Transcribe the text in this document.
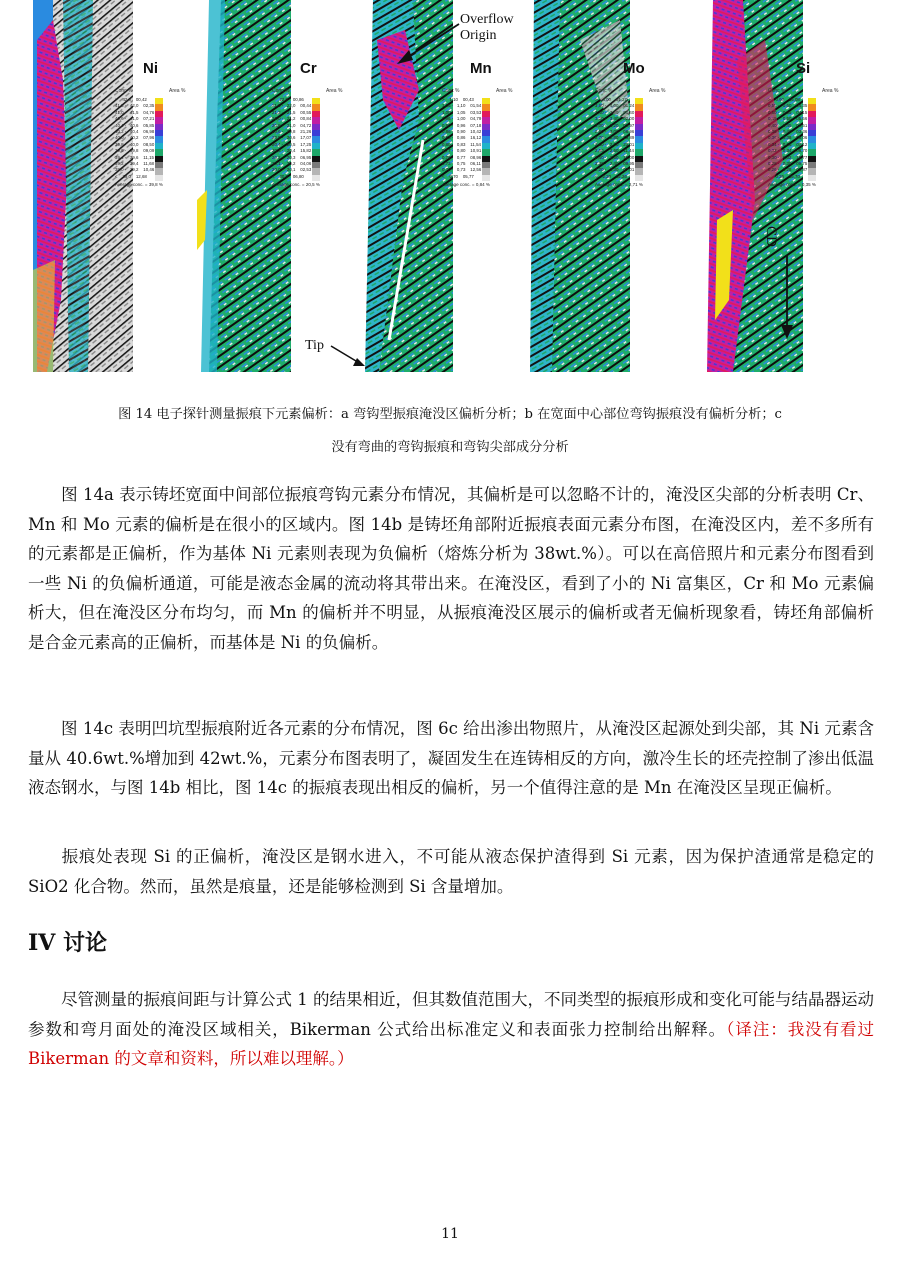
Ni
Conc %	Area %
>    42,0    00,42
41,5 -   42,0    02,35
41,0 -   41,5    04,76
40,6 -   41,0    07,21
40,4 -   40,6    05,85
40,2 -   40,4    06,98
40,0 -   40,2    07,96
39,8 -   40,0    08,50
39,6 -   39,8    09,09
39,4 -   39,6    11,15
39,2 -   39,4    11,68
39,0 -   39,2    10,46
<    39,0    12,68
Average conc. = 39,8 %
Cr
Conc %	Area %
>    22,0    00,86
21,5 -   22,0    00,44
21,2 -   21,5    00,55
21,0 -   21,2    00,84
20,8 -   21,0    04,72
20,6 -   20,8    21,26
20,5 -   20,6    17,07
20,4 -   20,5    17,25
20,3 -   20,4    15,82
20,2 -   20,3    06,95
20,1 -   20,2    04,06
20,0 -   20,1    02,53
<    20,0    06,80
Average conc. = 20,5 %
Mn
Conc %	Area %
>    1,10    00,43
1,05 -   1,10    01,54
1,00 -   1,05    03,53
0,96 -   1,00    04,79
0,90 -   0,96    07,18
0,86 -   0,90    10,42
0,83 -   0,86    16,12
0,80 -   0,83    11,54
0,77 -   0,80    10,91
0,75 -   0,77    08,96
0,73 -   0,75    06,11
0,70 -   0,73    12,56
<    0,70    05,77
Average conc. = 0,84 %
Mo
Conc %	Area %
>    4,00    01,27
3,60 -   4,00    01,24
3,40 -   3,60    01,40
3,20 -   3,40    02,00
3,00 -   3,20    02,97
2,80 -   3,00    06,96
2,70 -   2,80    19,89
2,60 -   2,70    23,01
2,50 -   2,60    11,44
2,40 -   2,50    10,00
2,30 -   2,40    09,95
2,20 -   2,30    07,01
<    2,20    02,26
Average conc. = 2,71 %
Si
Conc %	Area %
>    0,60    05,08
0,55 -   0,60    04,35
0,50 -   0,55    04,15
0,45 -   0,50    05,56
0,40 -   0,45    04,51
0,38 -   0,40    03,36
0,36 -   0,38    05,06
0,34 -   0,36    07,12
0,32 -   0,34    06,70
0,30 -   0,32    10,77
0,28 -   0,30    09,75
0,26 -   0,28    08,87
<    0,26    15,70
Average conc. = 0,35 %
Overflow
Origin
Tip
CD
图 14 电子探针测量振痕下元素偏析：a 弯钩型振痕淹没区偏析分析；b 在宽面中心部位弯钩振痕没有偏析分析；c
没有弯曲的弯钩振痕和弯钩尖部成分分析
图 14a 表示铸坯宽面中间部位振痕弯钩元素分布情况，其偏析是可以忽略不计的，淹没区尖部的分析表明 Cr、Mn 和 Mo 元素的偏析是在很小的区域内。图 14b 是铸坯角部附近振痕表面元素分布图，在淹没区内，差不多所有的元素都是正偏析，作为基体 Ni 元素则表现为负偏析（熔炼分析为 38wt.%）。可以在高倍照片和元素分布图看到一些 Ni 的负偏析通道，可能是液态金属的流动将其带出来。在淹没区，看到了小的 Ni 富集区，Cr 和 Mo 元素偏析大，但在淹没区分布均匀，而 Mn 的偏析并不明显，从振痕淹没区展示的偏析或者无偏析现象看，铸坯角部偏析是合金元素高的正偏析，而基体是 Ni 的负偏析。
图 14c 表明凹坑型振痕附近各元素的分布情况，图 6c 给出渗出物照片，从淹没区起源处到尖部，其 Ni 元素含量从 40.6wt.%增加到 42wt.%，元素分布图表明了，凝固发生在连铸相反的方向，激冷生长的坯壳控制了渗出低温液态钢水，与图 14b 相比，图 14c 的振痕表现出相反的偏析，另一个值得注意的是 Mn 在淹没区呈现正偏析。
振痕处表现 Si 的正偏析，淹没区是钢水进入，不可能从液态保护渣得到 Si 元素，因为保护渣通常是稳定的 SiO2 化合物。然而，虽然是痕量，还是能够检测到 Si 含量增加。
IV 讨论
尽管测量的振痕间距与计算公式 1 的结果相近，但其数值范围大，不同类型的振痕形成和变化可能与结晶器运动参数和弯月面处的淹没区域相关，Bikerman 公式给出标准定义和表面张力控制给出解释。（译注：我没有看过 Bikerman 的文章和资料，所以难以理解。）
11
